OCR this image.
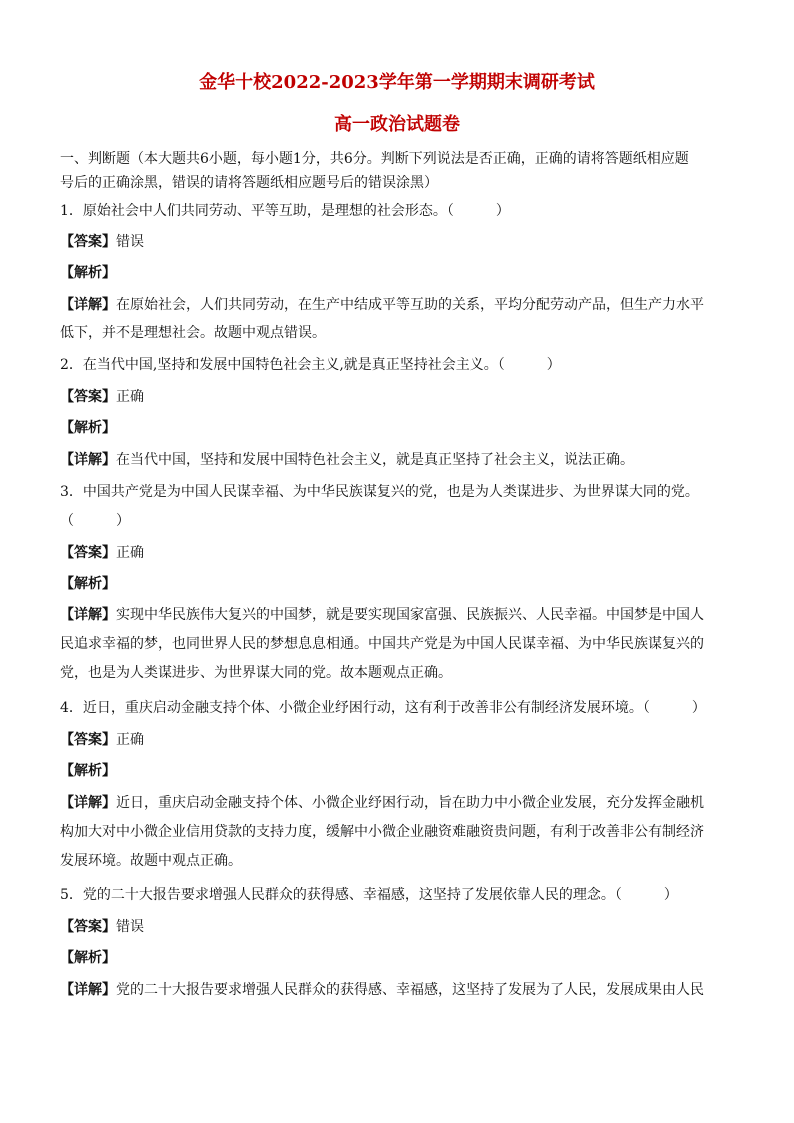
金华十校2022-2023学年第一学期期末调研考试
高一政治试题卷
一、判断题（本大题共6小题，每小题1分，共6分。判断下列说法是否正确，正确的请将答题纸相应题
号后的正确涂黑，错误的请将答题纸相应题号后的错误涂黑）
1．原始社会中人们共同劳动、平等互助，是理想的社会形态。（　　　）
【答案】错误
【解析】
【详解】在原始社会，人们共同劳动，在生产中结成平等互助的关系，平均分配劳动产品，但生产力水平
低下，并不是理想社会。故题中观点错误。
2．在当代中国,坚持和发展中国特色社会主义,就是真正坚持社会主义。（　　　）
【答案】正确
【解析】
【详解】在当代中国，坚持和发展中国特色社会主义，就是真正坚持了社会主义，说法正确。
3．中国共产党是为中国人民谋幸福、为中华民族谋复兴的党，也是为人类谋进步、为世界谋大同的党。
（　　　）
【答案】正确
【解析】
【详解】实现中华民族伟大复兴的中国梦，就是要实现国家富强、民族振兴、人民幸福。中国梦是中国人
民追求幸福的梦，也同世界人民的梦想息息相通。中国共产党是为中国人民谋幸福、为中华民族谋复兴的
党，也是为人类谋进步、为世界谋大同的党。故本题观点正确。
4．近日，重庆启动金融支持个体、小微企业纾困行动，这有利于改善非公有制经济发展环境。（　　　）
【答案】正确
【解析】
【详解】近日，重庆启动金融支持个体、小微企业纾困行动，旨在助力中小微企业发展，充分发挥金融机
构加大对中小微企业信用贷款的支持力度，缓解中小微企业融资难融资贵问题，有利于改善非公有制经济
发展环境。故题中观点正确。
5．党的二十大报告要求增强人民群众的获得感、幸福感，这坚持了发展依靠人民的理念。（　　　）
【答案】错误
【解析】
【详解】党的二十大报告要求增强人民群众的获得感、幸福感，这坚持了发展为了人民，发展成果由人民
